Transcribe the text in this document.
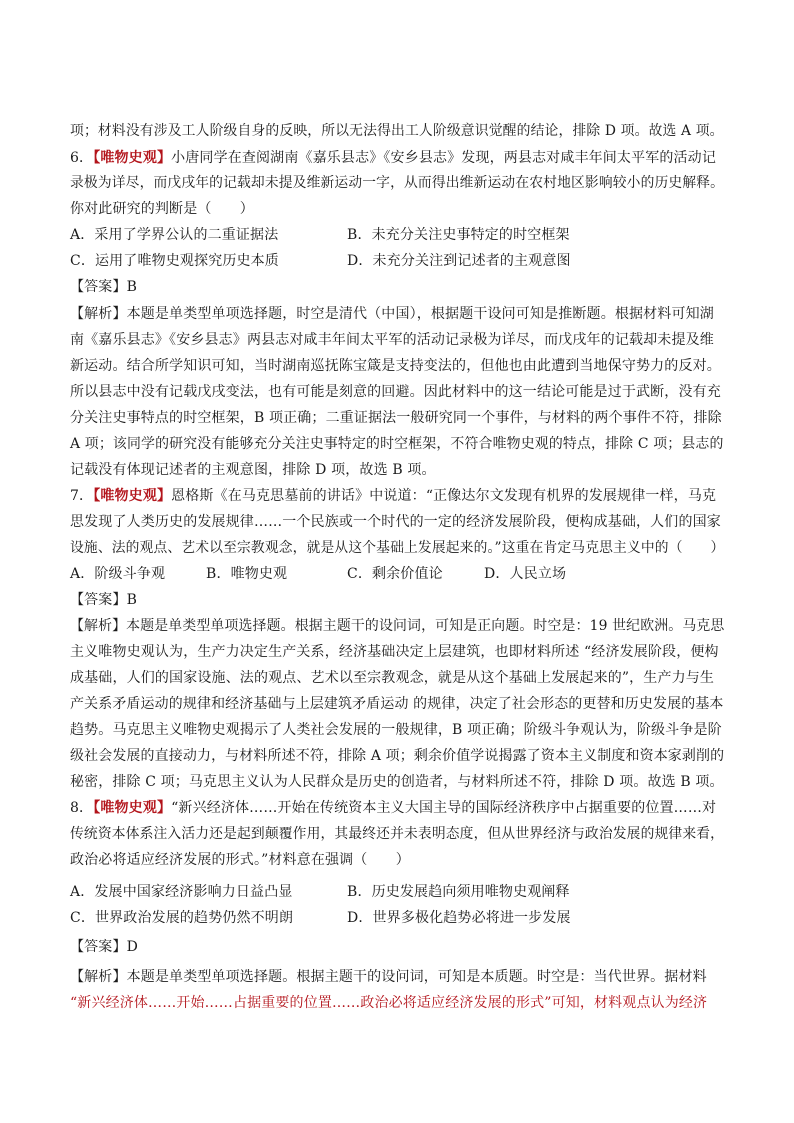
项；材料没有涉及工人阶级自身的反映，所以无法得出工人阶级意识觉醒的结论，排除 D 项。故选 A 项。
6．【唯物史观】小唐同学在查阅湖南《嘉乐县志》《安乡县志》发现，两县志对咸丰年间太平军的活动记
录极为详尽，而戊戌年的记载却未提及维新运动一字，从而得出维新运动在农村地区影响较小的历史解释。
你对此研究的判断是（　　）
A．采用了学界公认的二重证据法	B．未充分关注史事特定的时空框架
C．运用了唯物史观探究历史本质	D．未充分关注到记述者的主观意图
【答案】B
【解析】本题是单类型单项选择题，时空是清代（中国），根据题干设问可知是推断题。根据材料可知湖
南《嘉乐县志》《安乡县志》两县志对咸丰年间太平军的活动记录极为详尽，而戊戌年的记载却未提及维
新运动。结合所学知识可知，当时湖南巡抚陈宝箴是支持变法的，但他也由此遭到当地保守势力的反对。
所以县志中没有记载戊戌变法，也有可能是刻意的回避。因此材料中的这一结论可能是过于武断，没有充
分关注史事特点的时空框架，B 项正确；二重证据法一般研究同一个事件，与材料的两个事件不符，排除
A 项；该同学的研究没有能够充分关注史事特定的时空框架，不符合唯物史观的特点，排除 C 项；县志的
记载没有体现记述者的主观意图，排除 D 项，故选 B 项。
7．【唯物史观】恩格斯《在马克思墓前的讲话》中说道：“正像达尔文发现有机界的发展规律一样，马克
思发现了人类历史的发展规律……一个民族或一个时代的一定的经济发展阶段，便构成基础，人们的国家
设施、法的观点、艺术以至宗教观念，就是从这个基础上发展起来的。”这重在肯定马克思主义中的（　　）
A．阶级斗争观	B．唯物史观	C．剩余价值论	D．人民立场
【答案】B
【解析】本题是单类型单项选择题。根据主题干的设问词，可知是正向题。时空是：19 世纪欧洲。马克思
主义唯物史观认为，生产力决定生产关系，经济基础决定上层建筑，也即材料所述 “经济发展阶段，便构
成基础，人们的国家设施、法的观点、艺术以至宗教观念，就是从这个基础上发展起来的”，生产力与生
产关系矛盾运动的规律和经济基础与上层建筑矛盾运动 的规律，决定了社会形态的更替和历史发展的基本
趋势。马克思主义唯物史观揭示了人类社会发展的一般规律，B 项正确；阶级斗争观认为，阶级斗争是阶
级社会发展的直接动力，与材料所述不符，排除 A 项；剩余价值学说揭露了资本主义制度和资本家剥削的
秘密，排除 C 项；马克思主义认为人民群众是历史的创造者，与材料所述不符，排除 D 项。故选 B 项。
8．【唯物史观】“新兴经济体……开始在传统资本主义大国主导的国际经济秩序中占据重要的位置……对
传统资本体系注入活力还是起到颠覆作用，其最终还并未表明态度，但从世界经济与政治发展的规律来看，
政治必将适应经济发展的形式。”材料意在强调（　　）
A．发展中国家经济影响力日益凸显	B．历史发展趋向须用唯物史观阐释
C．世界政治发展的趋势仍然不明朗	D．世界多极化趋势必将进一步发展
【答案】D
【解析】本题是单类型单项选择题。根据主题干的设问词，可知是本质题。时空是：当代世界。据材料
“新兴经济体……开始……占据重要的位置……政治必将适应经济发展的形式”可知，材料观点认为经济
